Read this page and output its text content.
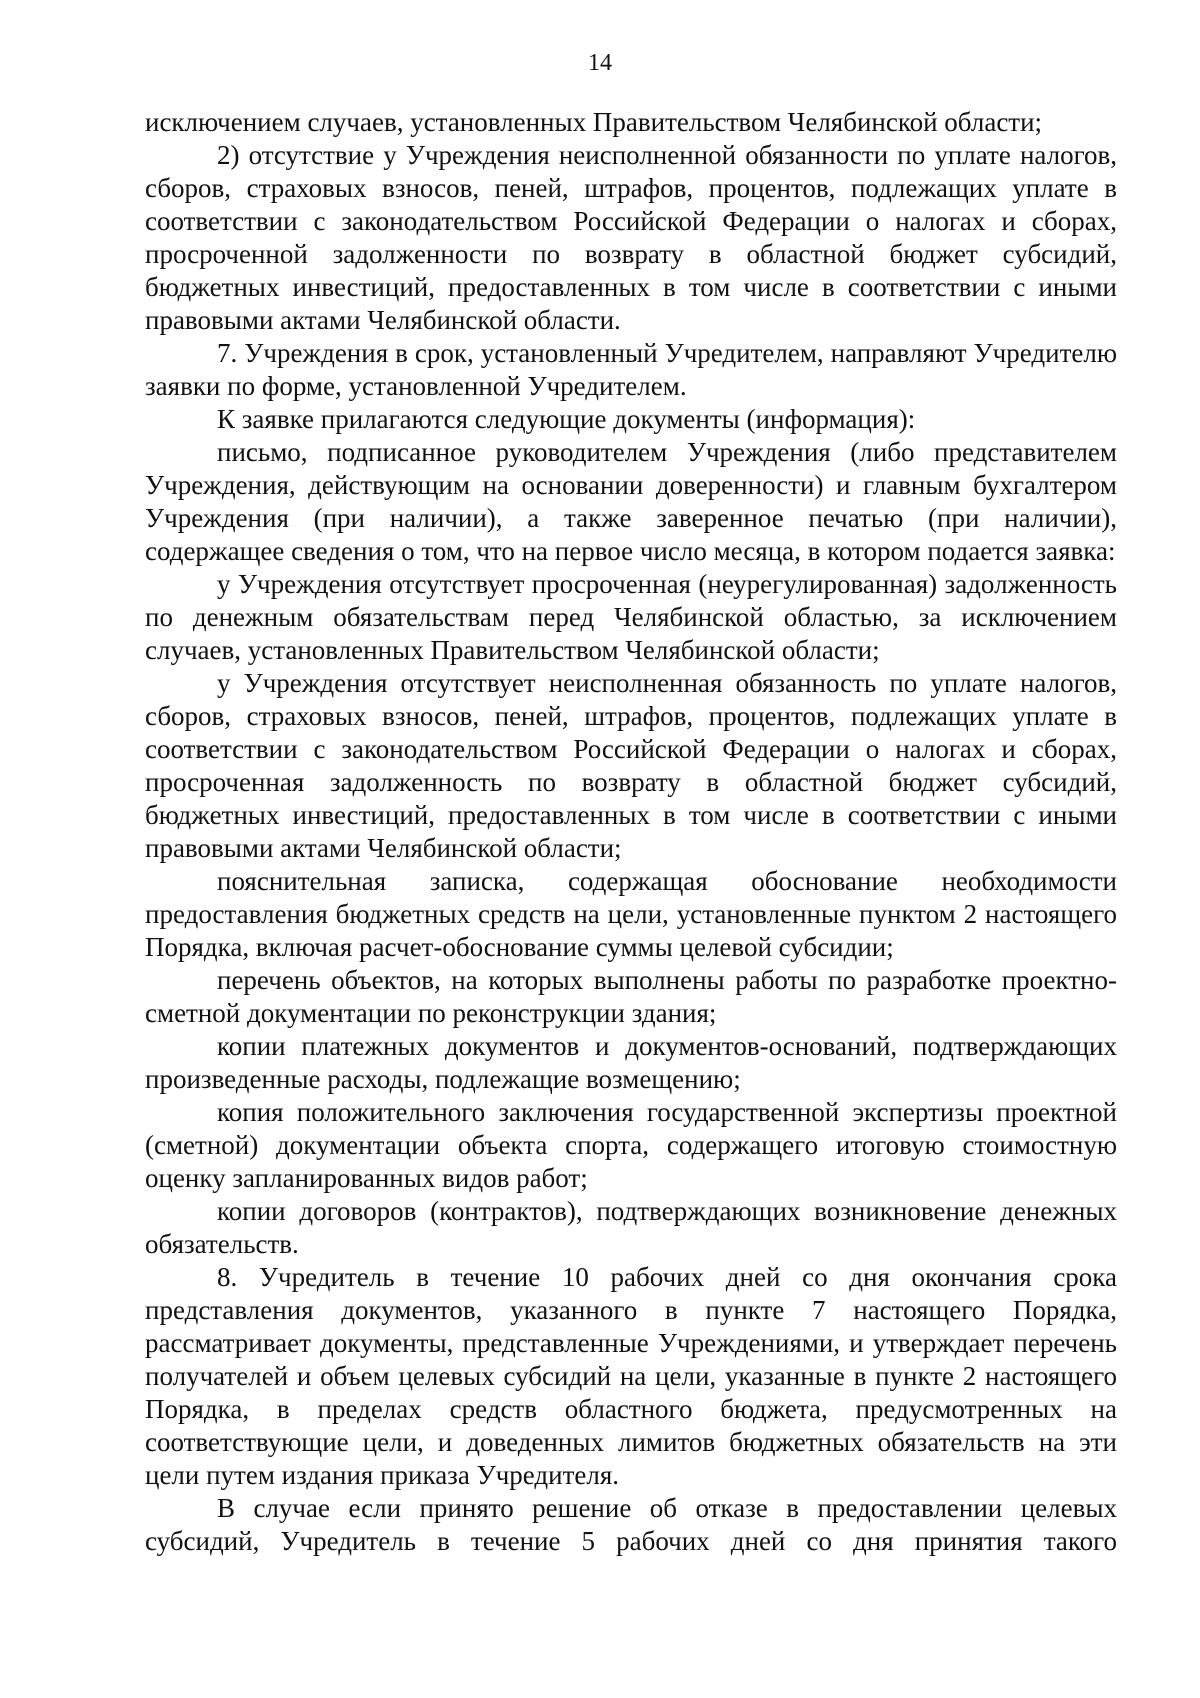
14

исключением случаев, установленных Правительством Челябинской области;

2) отсутствие у Учреждения неисполненной обязанности по уплате налогов, сборов, страховых взносов, пеней, штрафов, процентов, подлежащих уплате в соответствии с законодательством Российской Федерации о налогах и сборах, просроченной задолженности по возврату в областной бюджет субсидий, бюджетных инвестиций, предоставленных в том числе в соответствии с иными правовыми актами Челябинской области.

7. Учреждения в срок, установленный Учредителем, направляют Учредителю заявки по форме, установленной Учредителем.

К заявке прилагаются следующие документы (информация):

письмо, подписанное руководителем Учреждения (либо представителем Учреждения, действующим на основании доверенности) и главным бухгалтером Учреждения (при наличии), а также заверенное печатью (при наличии), содержащее сведения о том, что на первое число месяца, в котором подается заявка:

у Учреждения отсутствует просроченная (неурегулированная) задолженность по денежным обязательствам перед Челябинской областью, за исключением случаев, установленных Правительством Челябинской области;

у Учреждения отсутствует неисполненная обязанность по уплате налогов, сборов, страховых взносов, пеней, штрафов, процентов, подлежащих уплате в соответствии с законодательством Российской Федерации о налогах и сборах, просроченная задолженность по возврату в областной бюджет субсидий, бюджетных инвестиций, предоставленных в том числе в соответствии с иными правовыми актами Челябинской области;

пояснительная записка, содержащая обоснование необходимости предоставления бюджетных средств на цели, установленные пунктом 2 настоящего Порядка, включая расчет-обоснование суммы целевой субсидии;

перечень объектов, на которых выполнены работы по разработке проектно-сметной документации по реконструкции здания;

копии платежных документов и документов-оснований, подтверждающих произведенные расходы, подлежащие возмещению;

копия положительного заключения государственной экспертизы проектной (сметной) документации объекта спорта, содержащего итоговую стоимостную оценку запланированных видов работ;

копии договоров (контрактов), подтверждающих возникновение денежных обязательств.

8. Учредитель в течение 10 рабочих дней со дня окончания срока представления документов, указанного в пункте 7 настоящего Порядка, рассматривает документы, представленные Учреждениями, и утверждает перечень получателей и объем целевых субсидий на цели, указанные в пункте 2 настоящего Порядка, в пределах средств областного бюджета, предусмотренных на соответствующие цели, и доведенных лимитов бюджетных обязательств на эти цели путем издания приказа Учредителя.

В случае если принято решение об отказе в предоставлении целевых субсидий, Учредитель в течение 5 рабочих дней со дня принятия такого
